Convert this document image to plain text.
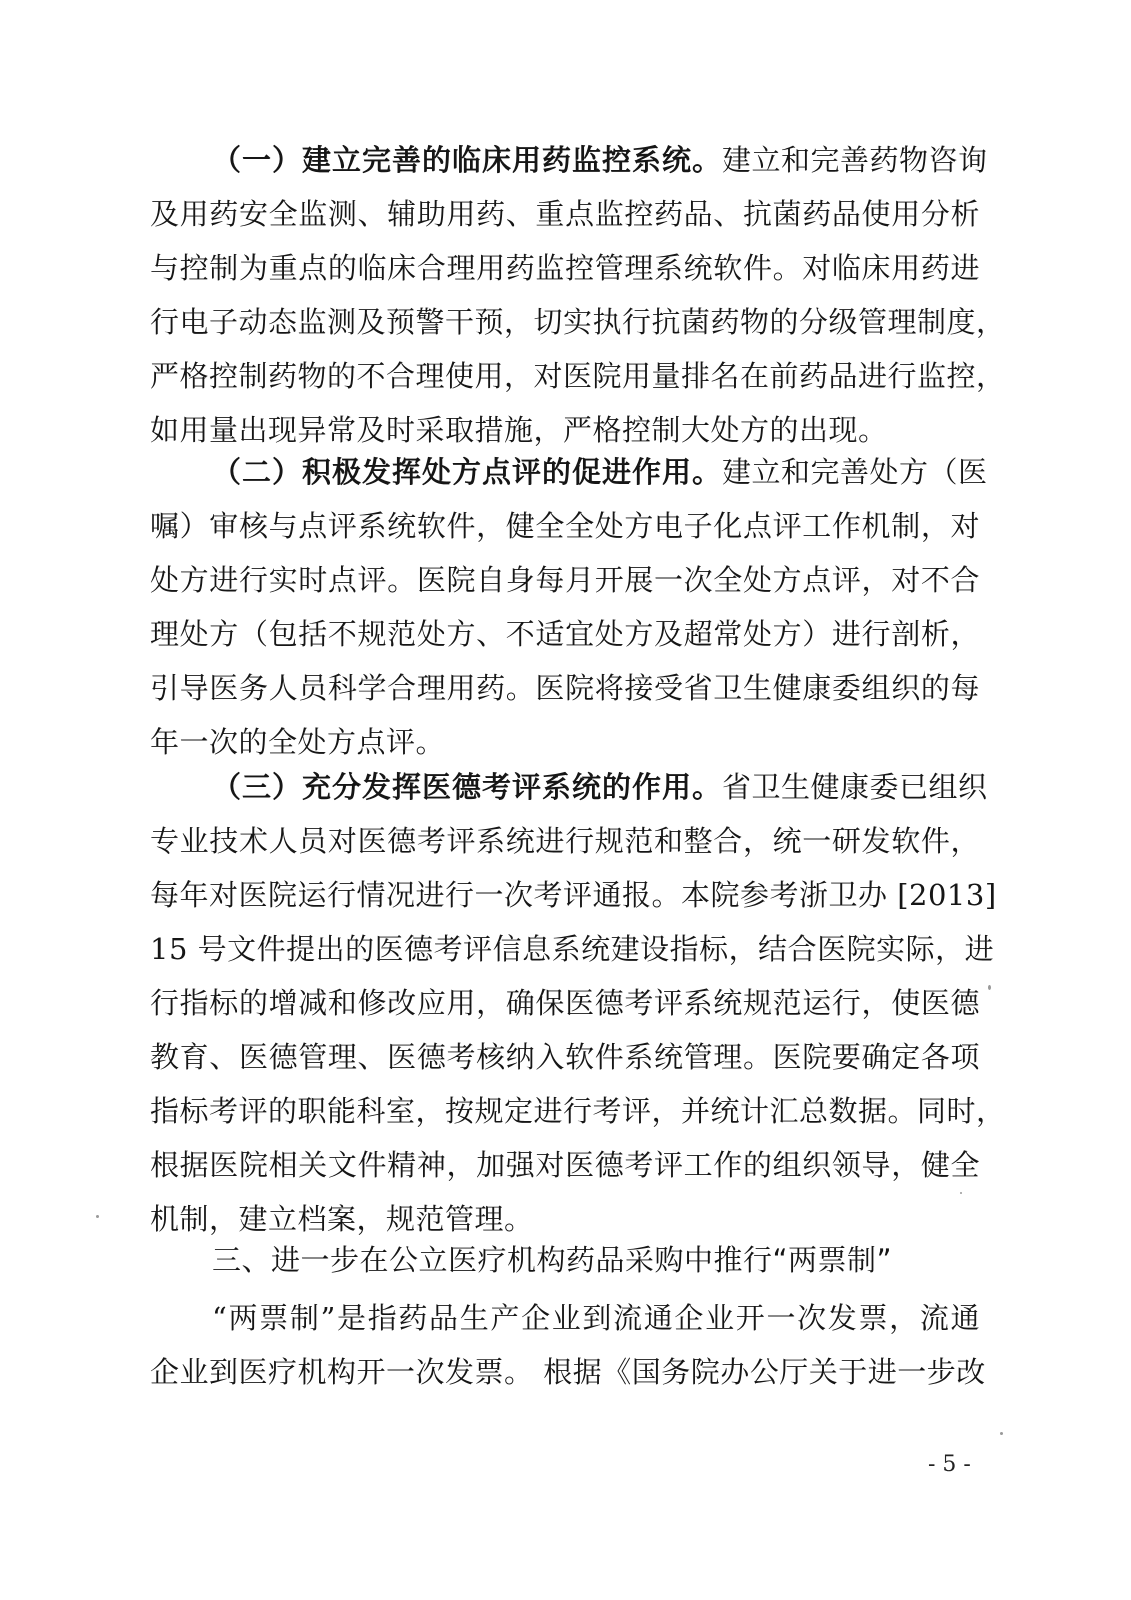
（一）建立完善的临床用药监控系统。建立和完善药物咨询
及用药安全监测、辅助用药、重点监控药品、抗菌药品使用分析
与控制为重点的临床合理用药监控管理系统软件。对临床用药进
行电子动态监测及预警干预，切实执行抗菌药物的分级管理制度，
严格控制药物的不合理使用，对医院用量排名在前药品进行监控，
如用量出现异常及时采取措施，严格控制大处方的出现。
（二）积极发挥处方点评的促进作用。建立和完善处方（医
嘱）审核与点评系统软件，健全全处方电子化点评工作机制，对
处方进行实时点评。医院自身每月开展一次全处方点评，对不合
理处方（包括不规范处方、不适宜处方及超常处方）进行剖析，
引导医务人员科学合理用药。医院将接受省卫生健康委组织的每
年一次的全处方点评。
（三）充分发挥医德考评系统的作用。省卫生健康委已组织
专业技术人员对医德考评系统进行规范和整合，统一研发软件，
每年对医院运行情况进行一次考评通报。本院参考浙卫办 [2013]
15 号文件提出的医德考评信息系统建设指标，结合医院实际，进
行指标的增减和修改应用，确保医德考评系统规范运行，使医德
教育、医德管理、医德考核纳入软件系统管理。医院要确定各项
指标考评的职能科室，按规定进行考评，并统计汇总数据。同时，
根据医院相关文件精神，加强对医德考评工作的组织领导，健全
机制，建立档案，规范管理。
三、进一步在公立医疗机构药品采购中推行“两票制”
“两票制”是指药品生产企业到流通企业开一次发票，流通
企业到医疗机构开一次发票。 根据《国务院办公厅关于进一步改
- 5 -
